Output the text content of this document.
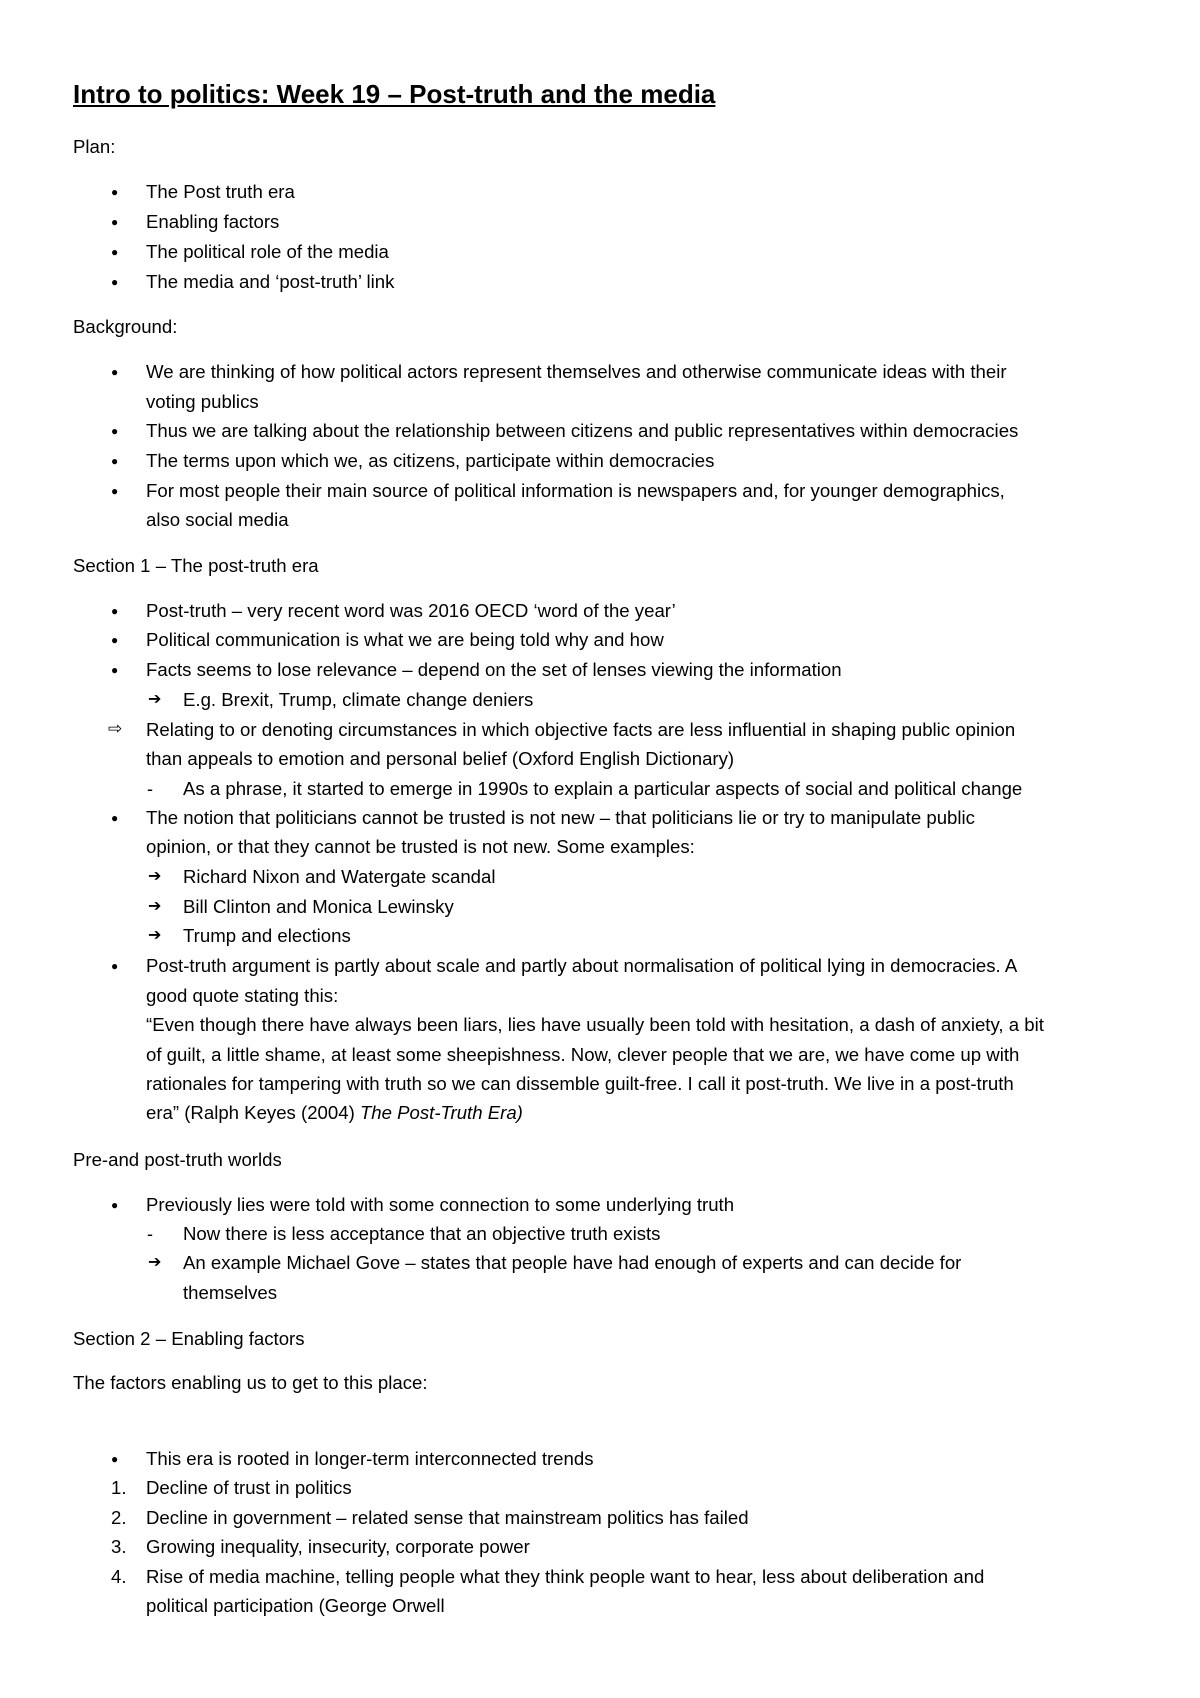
Intro to politics: Week 19 – Post-truth and the media
Plan:
● The Post truth era
● Enabling factors
● The political role of the media
● The media and ‘post-truth’ link
Background:
● We are thinking of how political actors represent themselves and otherwise communicate ideas with their
voting publics
● Thus we are talking about the relationship between citizens and public representatives within democracies
● The terms upon which we, as citizens, participate within democracies
● For most people their main source of political information is newspapers and, for younger demographics,
also social media
Section 1 – The post-truth era
● Post-truth – very recent word was 2016 OECD ‘word of the year’
● Political communication is what we are being told why and how
● Facts seems to lose relevance – depend on the set of lenses viewing the information
➔ E.g. Brexit, Trump, climate change deniers
⇨ Relating to or denoting circumstances in which objective facts are less influential in shaping public opinion
than appeals to emotion and personal belief (Oxford English Dictionary)
- As a phrase, it started to emerge in 1990s to explain a particular aspects of social and political change
● The notion that politicians cannot be trusted is not new – that politicians lie or try to manipulate public
opinion, or that they cannot be trusted is not new. Some examples:
➔ Richard Nixon and Watergate scandal
➔ Bill Clinton and Monica Lewinsky
➔ Trump and elections
● Post-truth argument is partly about scale and partly about normalisation of political lying in democracies. A
good quote stating this:
“Even though there have always been liars, lies have usually been told with hesitation, a dash of anxiety, a bit
of guilt, a little shame, at least some sheepishness. Now, clever people that we are, we have come up with
rationales for tampering with truth so we can dissemble guilt-free. I call it post-truth. We live in a post-truth
era” (Ralph Keyes (2004) The Post-Truth Era)
Pre-and post-truth worlds
● Previously lies were told with some connection to some underlying truth
- Now there is less acceptance that an objective truth exists
➔ An example Michael Gove – states that people have had enough of experts and can decide for
themselves
Section 2 – Enabling factors
The factors enabling us to get to this place:
● This era is rooted in longer-term interconnected trends
1. Decline of trust in politics
2. Decline in government – related sense that mainstream politics has failed
3. Growing inequality, insecurity, corporate power
4. Rise of media machine, telling people what they think people want to hear, less about deliberation and
political participation (George Orwell
